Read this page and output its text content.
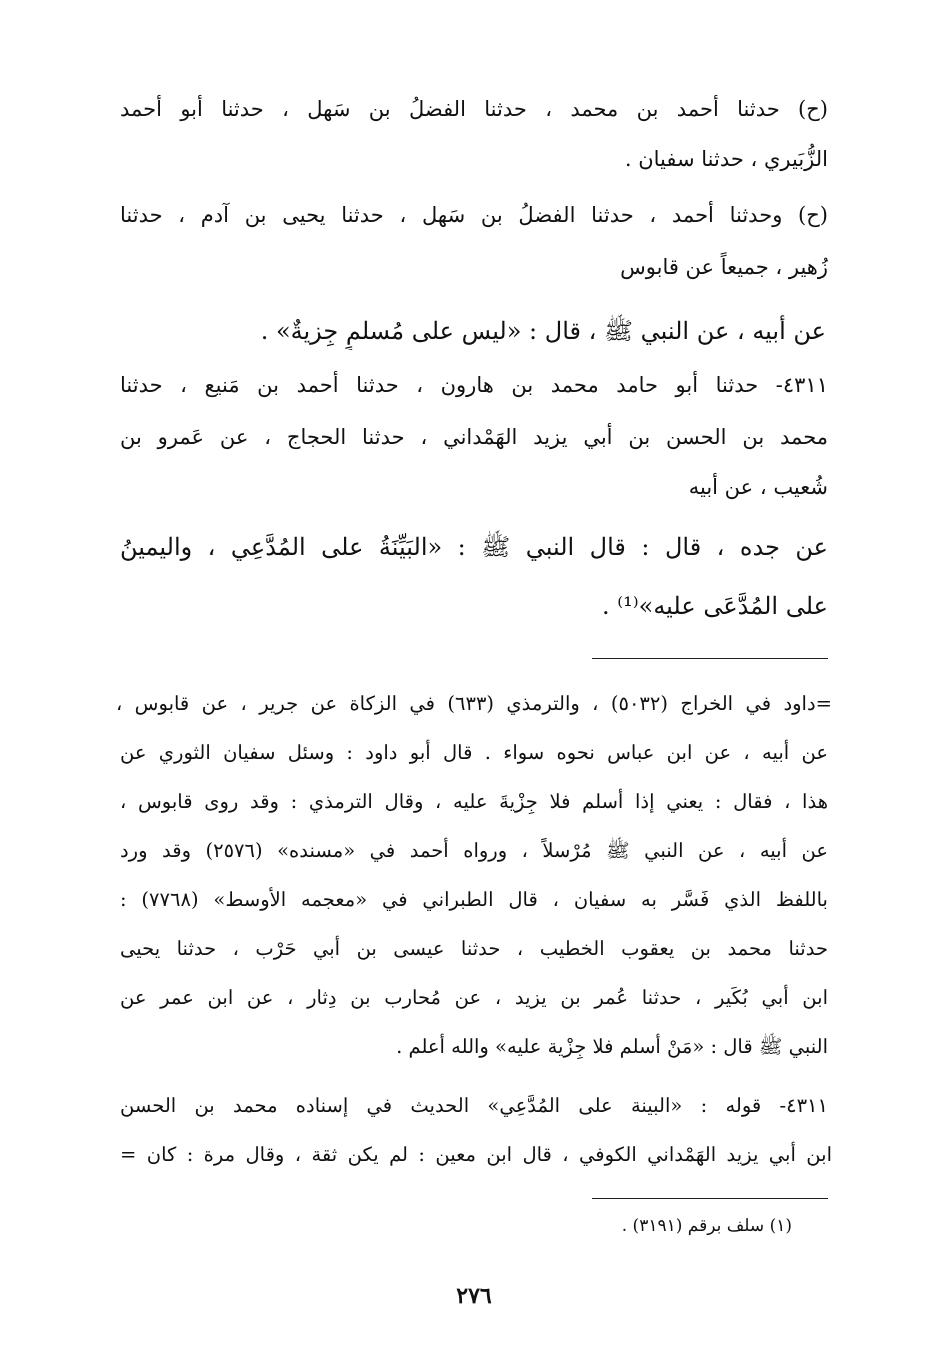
(ح) حدثنا أحمد بن محمد ، حدثنا الفضلُ بن سَهل ، حدثنا أبو أحمد
الزُّبَيري ، حدثنا سفيان .
(ح) وحدثنا أحمد ، حدثنا الفضلُ بن سَهل ، حدثنا يحيى بن آدم ، حدثنا
زُهير ، جميعاً عن قابوس
عن أبيه ، عن النبي ﷺ ، قال : «ليس على مُسلمٍ جِزيةٌ» .
٤٣١١- حدثنا أبو حامد محمد بن هارون ، حدثنا أحمد بن مَنيع ، حدثنا
محمد بن الحسن بن أبي يزيد الهَمْداني ، حدثنا الحجاج ، عن عَمرو بن
شُعيب ، عن أبيه
عن جده ، قال : قال النبي ﷺ : «البَيِّنَةُ على المُدَّعِي ، واليمينُ
على المُدَّعَى عليه»⁽¹⁾ .
=داود في الخراج (٥٠٣٢) ، والترمذي (٦٣٣) في الزكاة عن جرير ، عن قابوس ،
عن أبيه ، عن ابن عباس نحوه سواء . قال أبو داود : وسئل سفيان الثوري عن
هذا ، فقال : يعني إذا أسلم فلا جِزْيةَ عليه ، وقال الترمذي : وقد روى قابوس ،
عن أبيه ، عن النبي ﷺ مُرْسلاً ، ورواه أحمد في «مسنده» (٢٥٧٦) وقد ورد
باللفظ الذي فَسَّر به سفيان ، قال الطبراني في «معجمه الأوسط» (٧٧٦٨) :
حدثنا محمد بن يعقوب الخطيب ، حدثنا عيسى بن أبي حَرْب ، حدثنا يحيى
ابن أبي بُكَير ، حدثنا عُمر بن يزيد ، عن مُحارب بن دِثار ، عن ابن عمر عن
النبي ﷺ قال : «مَنْ أسلم فلا جِزْية عليه» والله أعلم .
٤٣١١- قوله : «البينة على المُدَّعِي» الحديث في إسناده محمد بن الحسن
ابن أبي يزيد الهَمْداني الكوفي ، قال ابن معين : لم يكن ثقة ، وقال مرة : كان =
(١) سلف برقم (٣١٩١) .
٢٧٦
